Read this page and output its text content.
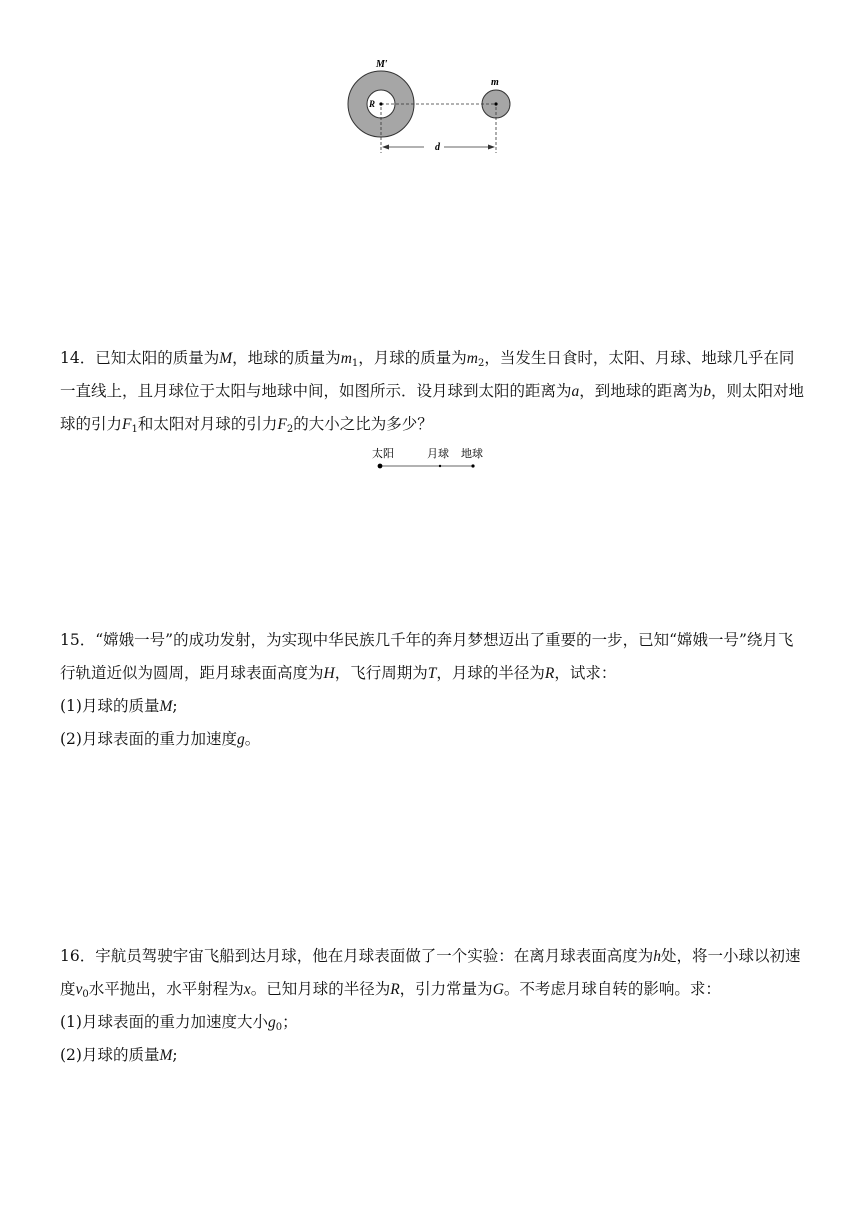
M′
R
m
d

14．已知太阳的质量为M，地球的质量为$m_1$，月球的质量为$m_2$，当发生日食时，太阳、月球、地球几乎在同一直线上，且月球位于太阳与地球中间，如图所示．设月球到太阳的距离为a，到地球的距离为b，则太阳对地球的引力$F_1$和太阳对月球的引力$F_2$的大小之比为多少？

太阳	月球 地球

15．“嫦娥一号”的成功发射，为实现中华民族几千年的奔月梦想迈出了重要的一步，已知“嫦娥一号”绕月飞行轨道近似为圆周，距月球表面高度为H，飞行周期为T，月球的半径为R，试求：

(1)月球的质量M;

(2)月球表面的重力加速度g。

16．宇航员驾驶宇宙飞船到达月球，他在月球表面做了一个实验：在离月球表面高度为h处，将一小球以初速度$v_0$水平抛出，水平射程为x。已知月球的半径为R，引力常量为G。不考虑月球自转的影响。求：

(1)月球表面的重力加速度大小$g_0$；

(2)月球的质量M;
